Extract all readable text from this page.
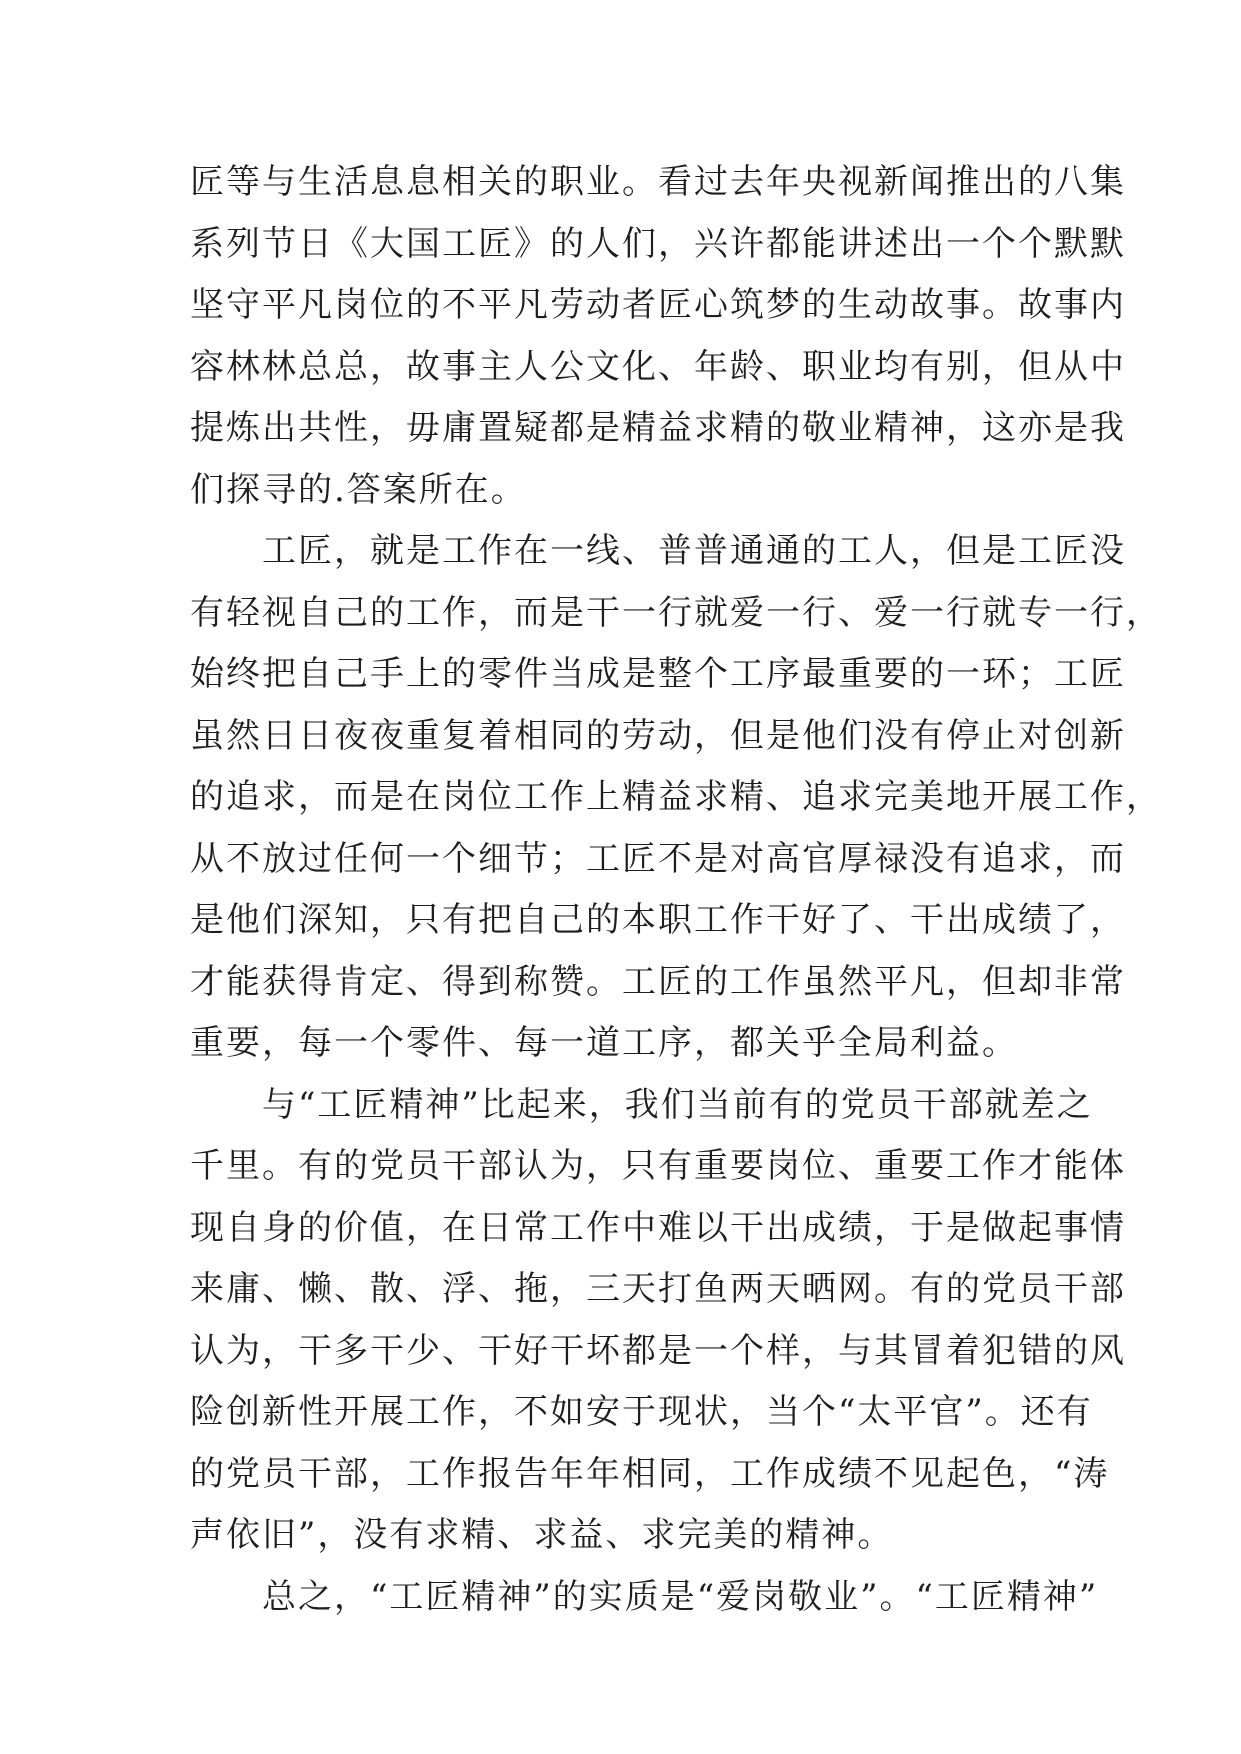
匠等与生活息息相关的职业。看过去年央视新闻推出的八集
系列节日《大国工匠》的人们，兴许都能讲述出一个个默默
坚守平凡岗位的不平凡劳动者匠心筑梦的生动故事。故事内
容林林总总，故事主人公文化、年龄、职业均有别，但从中
提炼出共性，毋庸置疑都是精益求精的敬业精神，这亦是我
们探寻的.答案所在。
工匠，就是工作在一线、普普通通的工人，但是工匠没
有轻视自己的工作，而是干一行就爱一行、爱一行就专一行，
始终把自己手上的零件当成是整个工序最重要的一环；工匠
虽然日日夜夜重复着相同的劳动，但是他们没有停止对创新
的追求，而是在岗位工作上精益求精、追求完美地开展工作，
从不放过任何一个细节；工匠不是对高官厚禄没有追求，而
是他们深知，只有把自己的本职工作干好了、干出成绩了，
才能获得肯定、得到称赞。工匠的工作虽然平凡，但却非常
重要，每一个零件、每一道工序，都关乎全局利益。
与“工匠精神”比起来，我们当前有的党员干部就差之
千里。有的党员干部认为，只有重要岗位、重要工作才能体
现自身的价值，在日常工作中难以干出成绩，于是做起事情
来庸、懒、散、浮、拖，三天打鱼两天晒网。有的党员干部
认为，干多干少、干好干坏都是一个样，与其冒着犯错的风
险创新性开展工作，不如安于现状，当个“太平官”。还有
的党员干部，工作报告年年相同，工作成绩不见起色，“涛
声依旧”，没有求精、求益、求完美的精神。
总之，“工匠精神”的实质是“爱岗敬业”。“工匠精神”
